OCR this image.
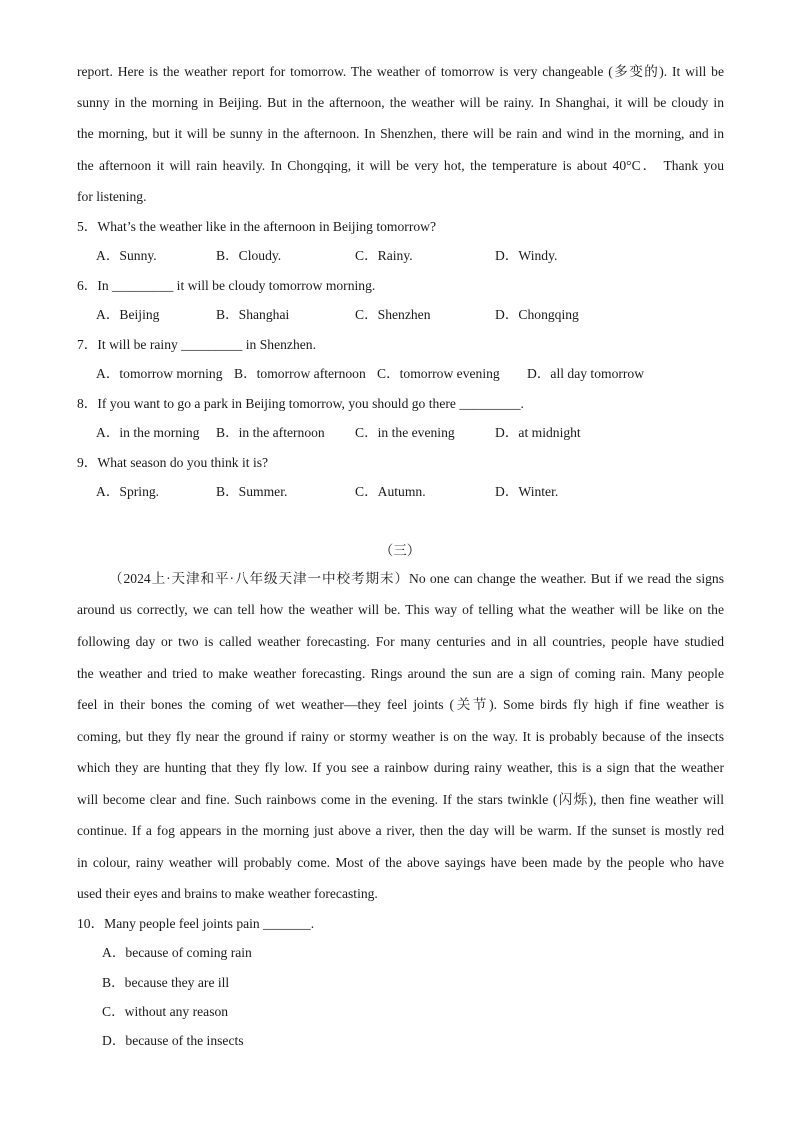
report. Here is the weather report for tomorrow. The weather of tomorrow is very changeable (多变的). It will be
sunny in the morning in Beijing. But in the afternoon, the weather will be rainy. In Shanghai, it will be cloudy in
the morning, but it will be sunny in the afternoon. In Shenzhen, there will be rain and wind in the morning, and in
the afternoon it will rain heavily. In Chongqing, it will be very hot, the temperature is about 40°C． Thank you
for listening.
5．What’s the weather like in the afternoon in Beijing tomorrow?
A．Sunny.	B．Cloudy.	C．Rainy.	D．Windy.
6．In _________ it will be cloudy tomorrow morning.
A．Beijing	B．Shanghai	C．Shenzhen	D．Chongqing
7．It will be rainy _________ in Shenzhen.
A．tomorrow morning B．tomorrow afternoon C．tomorrow evening D．all day tomorrow
8．If you want to go a park in Beijing tomorrow, you should go there _________.
A．in the morning B．in the afternoon C．in the evening	D．at midnight
9．What season do you think it is?
A．Spring.	B．Summer.	C．Autumn.	D．Winter.
（三）
（2024上·天津和平·八年级天津一中校考期末）No one can change the weather. But if we read the signs
around us correctly, we can tell how the weather will be. This way of telling what the weather will be like on the
following day or two is called weather forecasting. For many centuries and in all countries, people have studied
the weather and tried to make weather forecasting. Rings around the sun are a sign of coming rain. Many people
feel in their bones the coming of wet weather—they feel joints (关节). Some birds fly high if fine weather is
coming, but they fly near the ground if rainy or stormy weather is on the way. It is probably because of the insects
which they are hunting that they fly low. If you see a rainbow during rainy weather, this is a sign that the weather
will become clear and fine. Such rainbows come in the evening. If the stars twinkle (闪烁), then fine weather will
continue. If a fog appears in the morning just above a river, then the day will be warm. If the sunset is mostly red
in colour, rainy weather will probably come. Most of the above sayings have been made by the people who have
used their eyes and brains to make weather forecasting.
10．Many people feel joints pain _______.
A．because of coming rain
B．because they are ill
C．without any reason
D．because of the insects
